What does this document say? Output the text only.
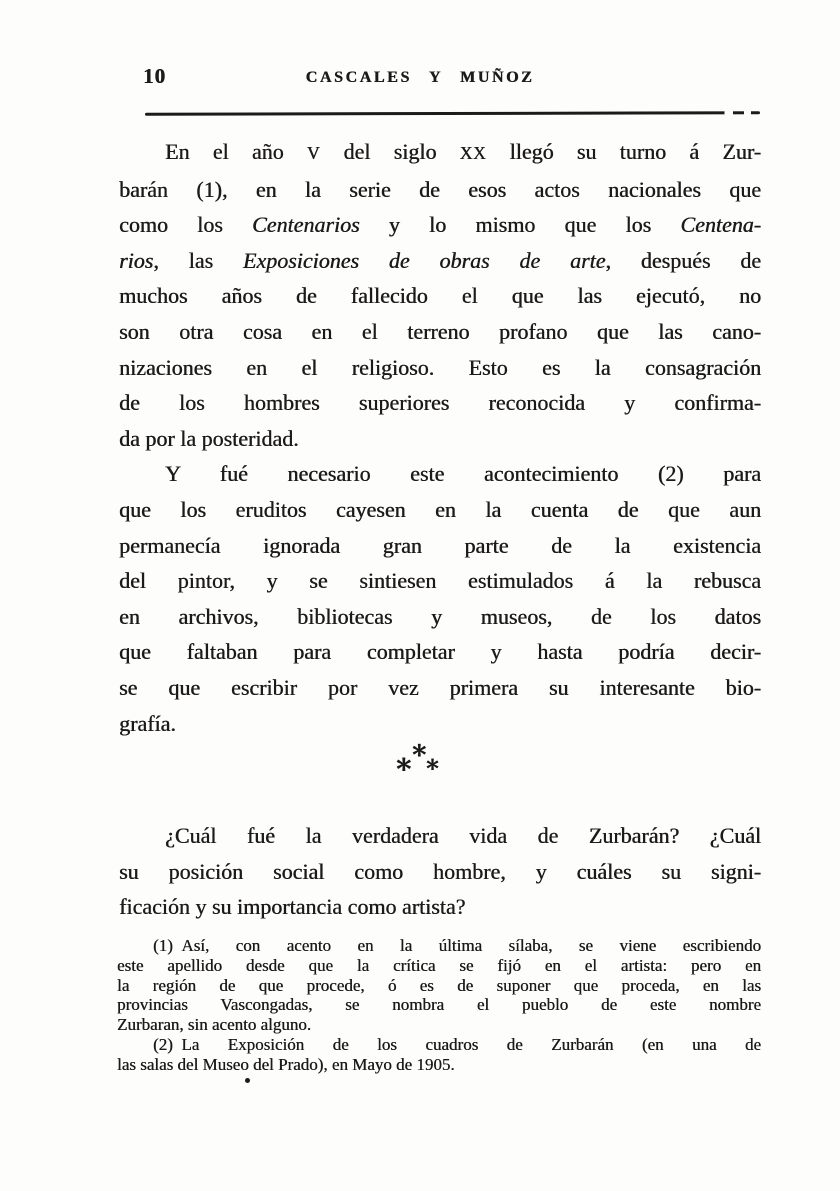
10	CASCALES Y MUÑOZ
En el año V del siglo XX llegó su turno á Zur-
barán (1), en la serie de esos actos nacionales que
como los Centenarios y lo mismo que los Centena-
rios, las Exposiciones de obras de arte, después de
muchos años de fallecido el que las ejecutó, no
son otra cosa en el terreno profano que las cano-
nizaciones en el religioso. Esto es la consagración
de los hombres superiores reconocida y confirma-
da por la posteridad.
Y fué necesario este acontecimiento (2) para
que los eruditos cayesen en la cuenta de que aun
permanecía ignorada gran parte de la existencia
del pintor, y se sintiesen estimulados á la rebusca
en archivos, bibliotecas y museos, de los datos
que faltaban para completar y hasta podría decir-
se que escribir por vez primera su interesante bio-
grafía.
*
* *
¿Cuál fué la verdadera vida de Zurbarán? ¿Cuál
su posición social como hombre, y cuáles su signi-
ficación y su importancia como artista?
(1) Así, con acento en la última sílaba, se viene escribiendo
este apellido desde que la crítica se fijó en el artista: pero en
la región de que procede, ó es de suponer que proceda, en las
provincias Vascongadas, se nombra el pueblo de este nombre
Zurbaran, sin acento alguno.
(2) La Exposición de los cuadros de Zurbarán (en una de
las salas del Museo del Prado), en Mayo de 1905.
